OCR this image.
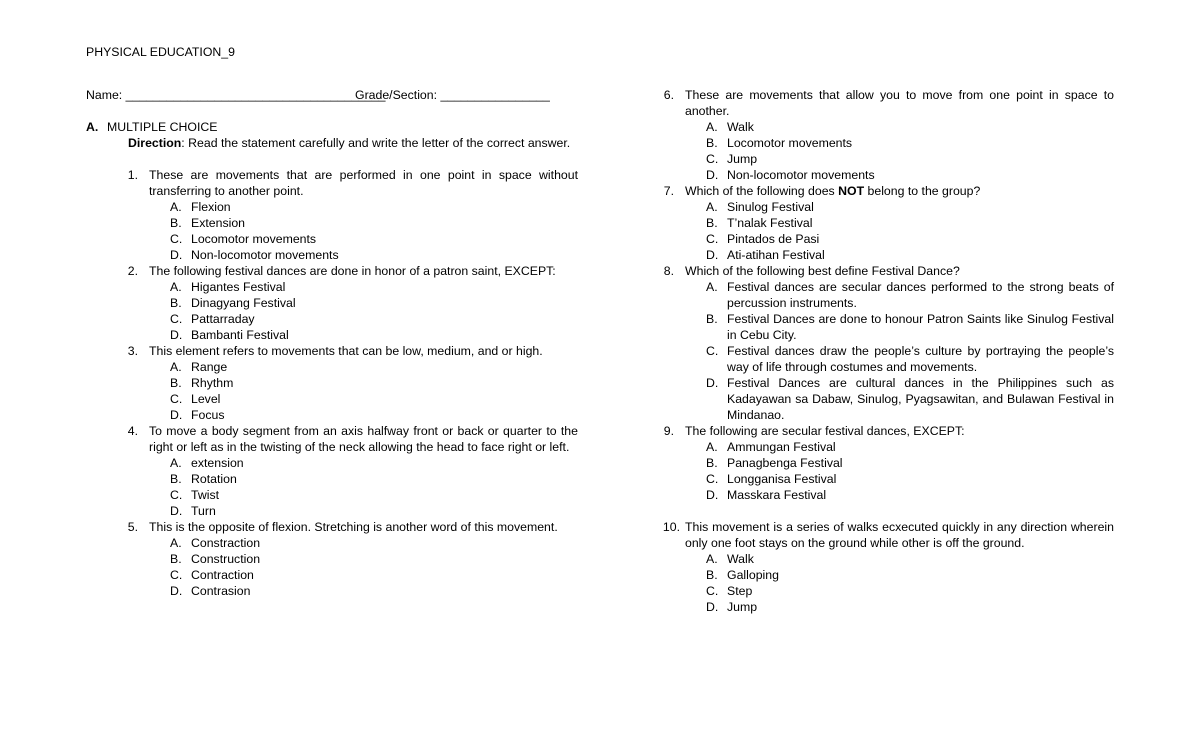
PHYSICAL EDUCATION_9
Name: ______________________________________
Grade/Section: ________________
A. MULTIPLE CHOICE
Direction: Read the statement carefully and write the letter of the correct answer.
1. These are movements that are performed in one point in space without transferring to another point.
A. Flexion
B. Extension
C. Locomotor movements
D. Non-locomotor movements
2. The following festival dances are done in honor of a patron saint, EXCEPT:
A. Higantes Festival
B. Dinagyang Festival
C. Pattarraday
D. Bambanti Festival
3. This element refers to movements that can be low, medium, and or high.
A. Range
B. Rhythm
C. Level
D. Focus
4. To move a body segment from an axis halfway front or back or quarter to the right or left as in the twisting of the neck allowing the head to face right or left.
A. extension
B. Rotation
C. Twist
D. Turn
5. This is the opposite of flexion. Stretching is another word of this movement.
A. Constraction
B. Construction
C. Contraction
D. Contrasion
6. These are movements that allow you to move from one point in space to another.
A. Walk
B. Locomotor movements
C. Jump
D. Non-locomotor movements
7. Which of the following does NOT belong to the group?
A. Sinulog Festival
B. T’nalak Festival
C. Pintados de Pasi
D. Ati-atihan Festival
8. Which of the following best define Festival Dance?
A. Festival dances are secular dances performed to the strong beats of percussion instruments.
B. Festival Dances are done to honour Patron Saints like Sinulog Festival in Cebu City.
C. Festival dances draw the people’s culture by portraying the people’s way of life through costumes and movements.
D. Festival Dances are cultural dances in the Philippines such as Kadayawan sa Dabaw, Sinulog, Pyagsawitan, and Bulawan Festival in Mindanao.
9. The following are secular festival dances, EXCEPT:
A. Ammungan Festival
B. Panagbenga Festival
C. Longganisa Festival
D. Masskara Festival
10. This movement is a series of walks ecxecuted quickly in any direction wherein only one foot stays on the ground while other is off the ground.
A. Walk
B. Galloping
C. Step
D. Jump
